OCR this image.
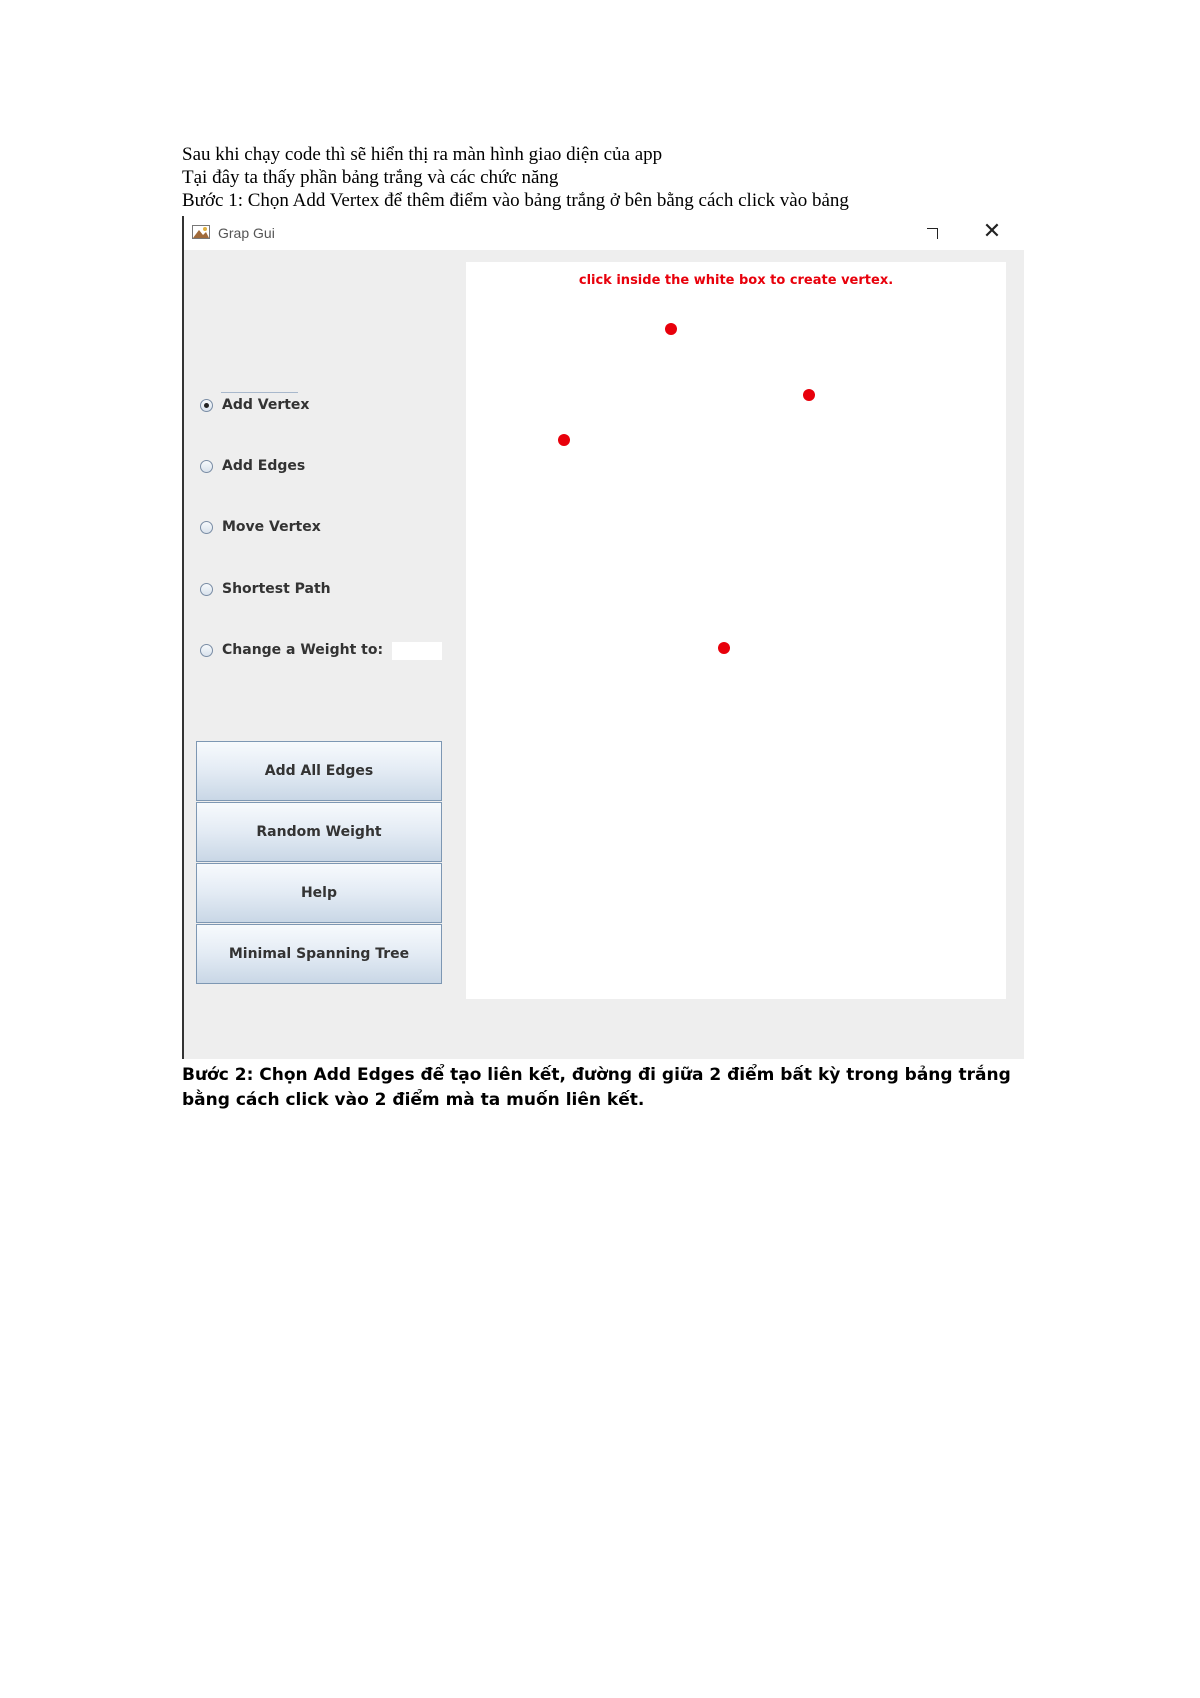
Sau khi chạy code thì sẽ hiển thị ra màn hình giao diện của app
Tại đây ta thấy phần bảng trắng và các chức năng
Bước 1: Chọn Add Vertex để thêm điểm vào bảng trắng ở bên bằng cách click vào bảng
Grap Gui	✕
Add Vertex
Add Edges
Move Vertex
Shortest Path
Change a Weight to:
Add All Edges
Random Weight
Help
Minimal Spanning Tree
click inside the white box to create vertex.
Bước 2: Chọn Add Edges để tạo liên kết, đường đi giữa 2 điểm bất kỳ trong bảng trắng bằng cách click vào 2 điểm mà ta muốn liên kết.
